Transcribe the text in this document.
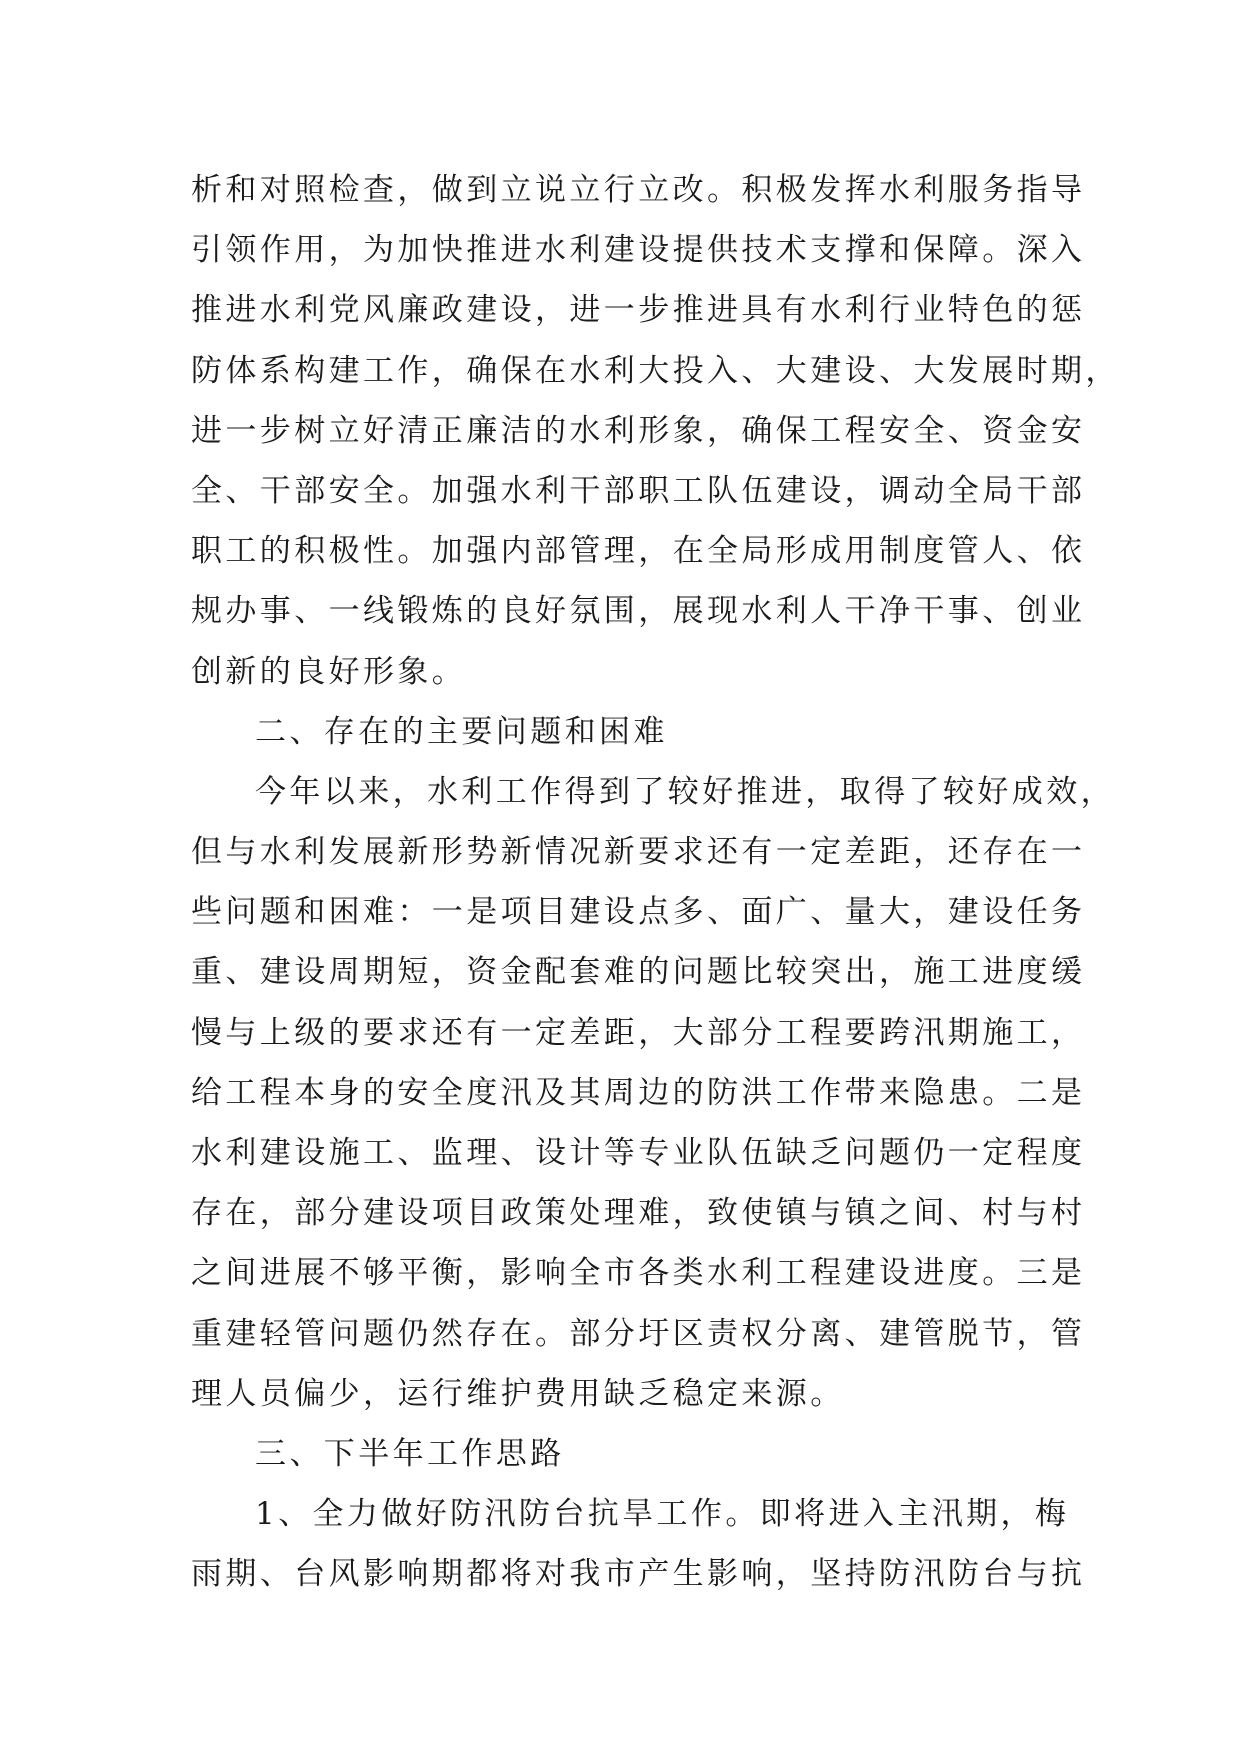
析和对照检查，做到立说立行立改。积极发挥水利服务指导
引领作用，为加快推进水利建设提供技术支撑和保障。深入
推进水利党风廉政建设，进一步推进具有水利行业特色的惩
防体系构建工作，确保在水利大投入、大建设、大发展时期，
进一步树立好清正廉洁的水利形象，确保工程安全、资金安
全、干部安全。加强水利干部职工队伍建设，调动全局干部
职工的积极性。加强内部管理，在全局形成用制度管人、依
规办事、一线锻炼的良好氛围，展现水利人干净干事、创业
创新的良好形象。
二、存在的主要问题和困难
今年以来，水利工作得到了较好推进，取得了较好成效，
但与水利发展新形势新情况新要求还有一定差距，还存在一
些问题和困难：一是项目建设点多、面广、量大，建设任务
重、建设周期短，资金配套难的问题比较突出，施工进度缓
慢与上级的要求还有一定差距，大部分工程要跨汛期施工，
给工程本身的安全度汛及其周边的防洪工作带来隐患。二是
水利建设施工、监理、设计等专业队伍缺乏问题仍一定程度
存在，部分建设项目政策处理难，致使镇与镇之间、村与村
之间进展不够平衡，影响全市各类水利工程建设进度。三是
重建轻管问题仍然存在。部分圩区责权分离、建管脱节，管
理人员偏少，运行维护费用缺乏稳定来源。
三、下半年工作思路
1、全力做好防汛防台抗旱工作。即将进入主汛期，梅
雨期、台风影响期都将对我市产生影响，坚持防汛防台与抗
